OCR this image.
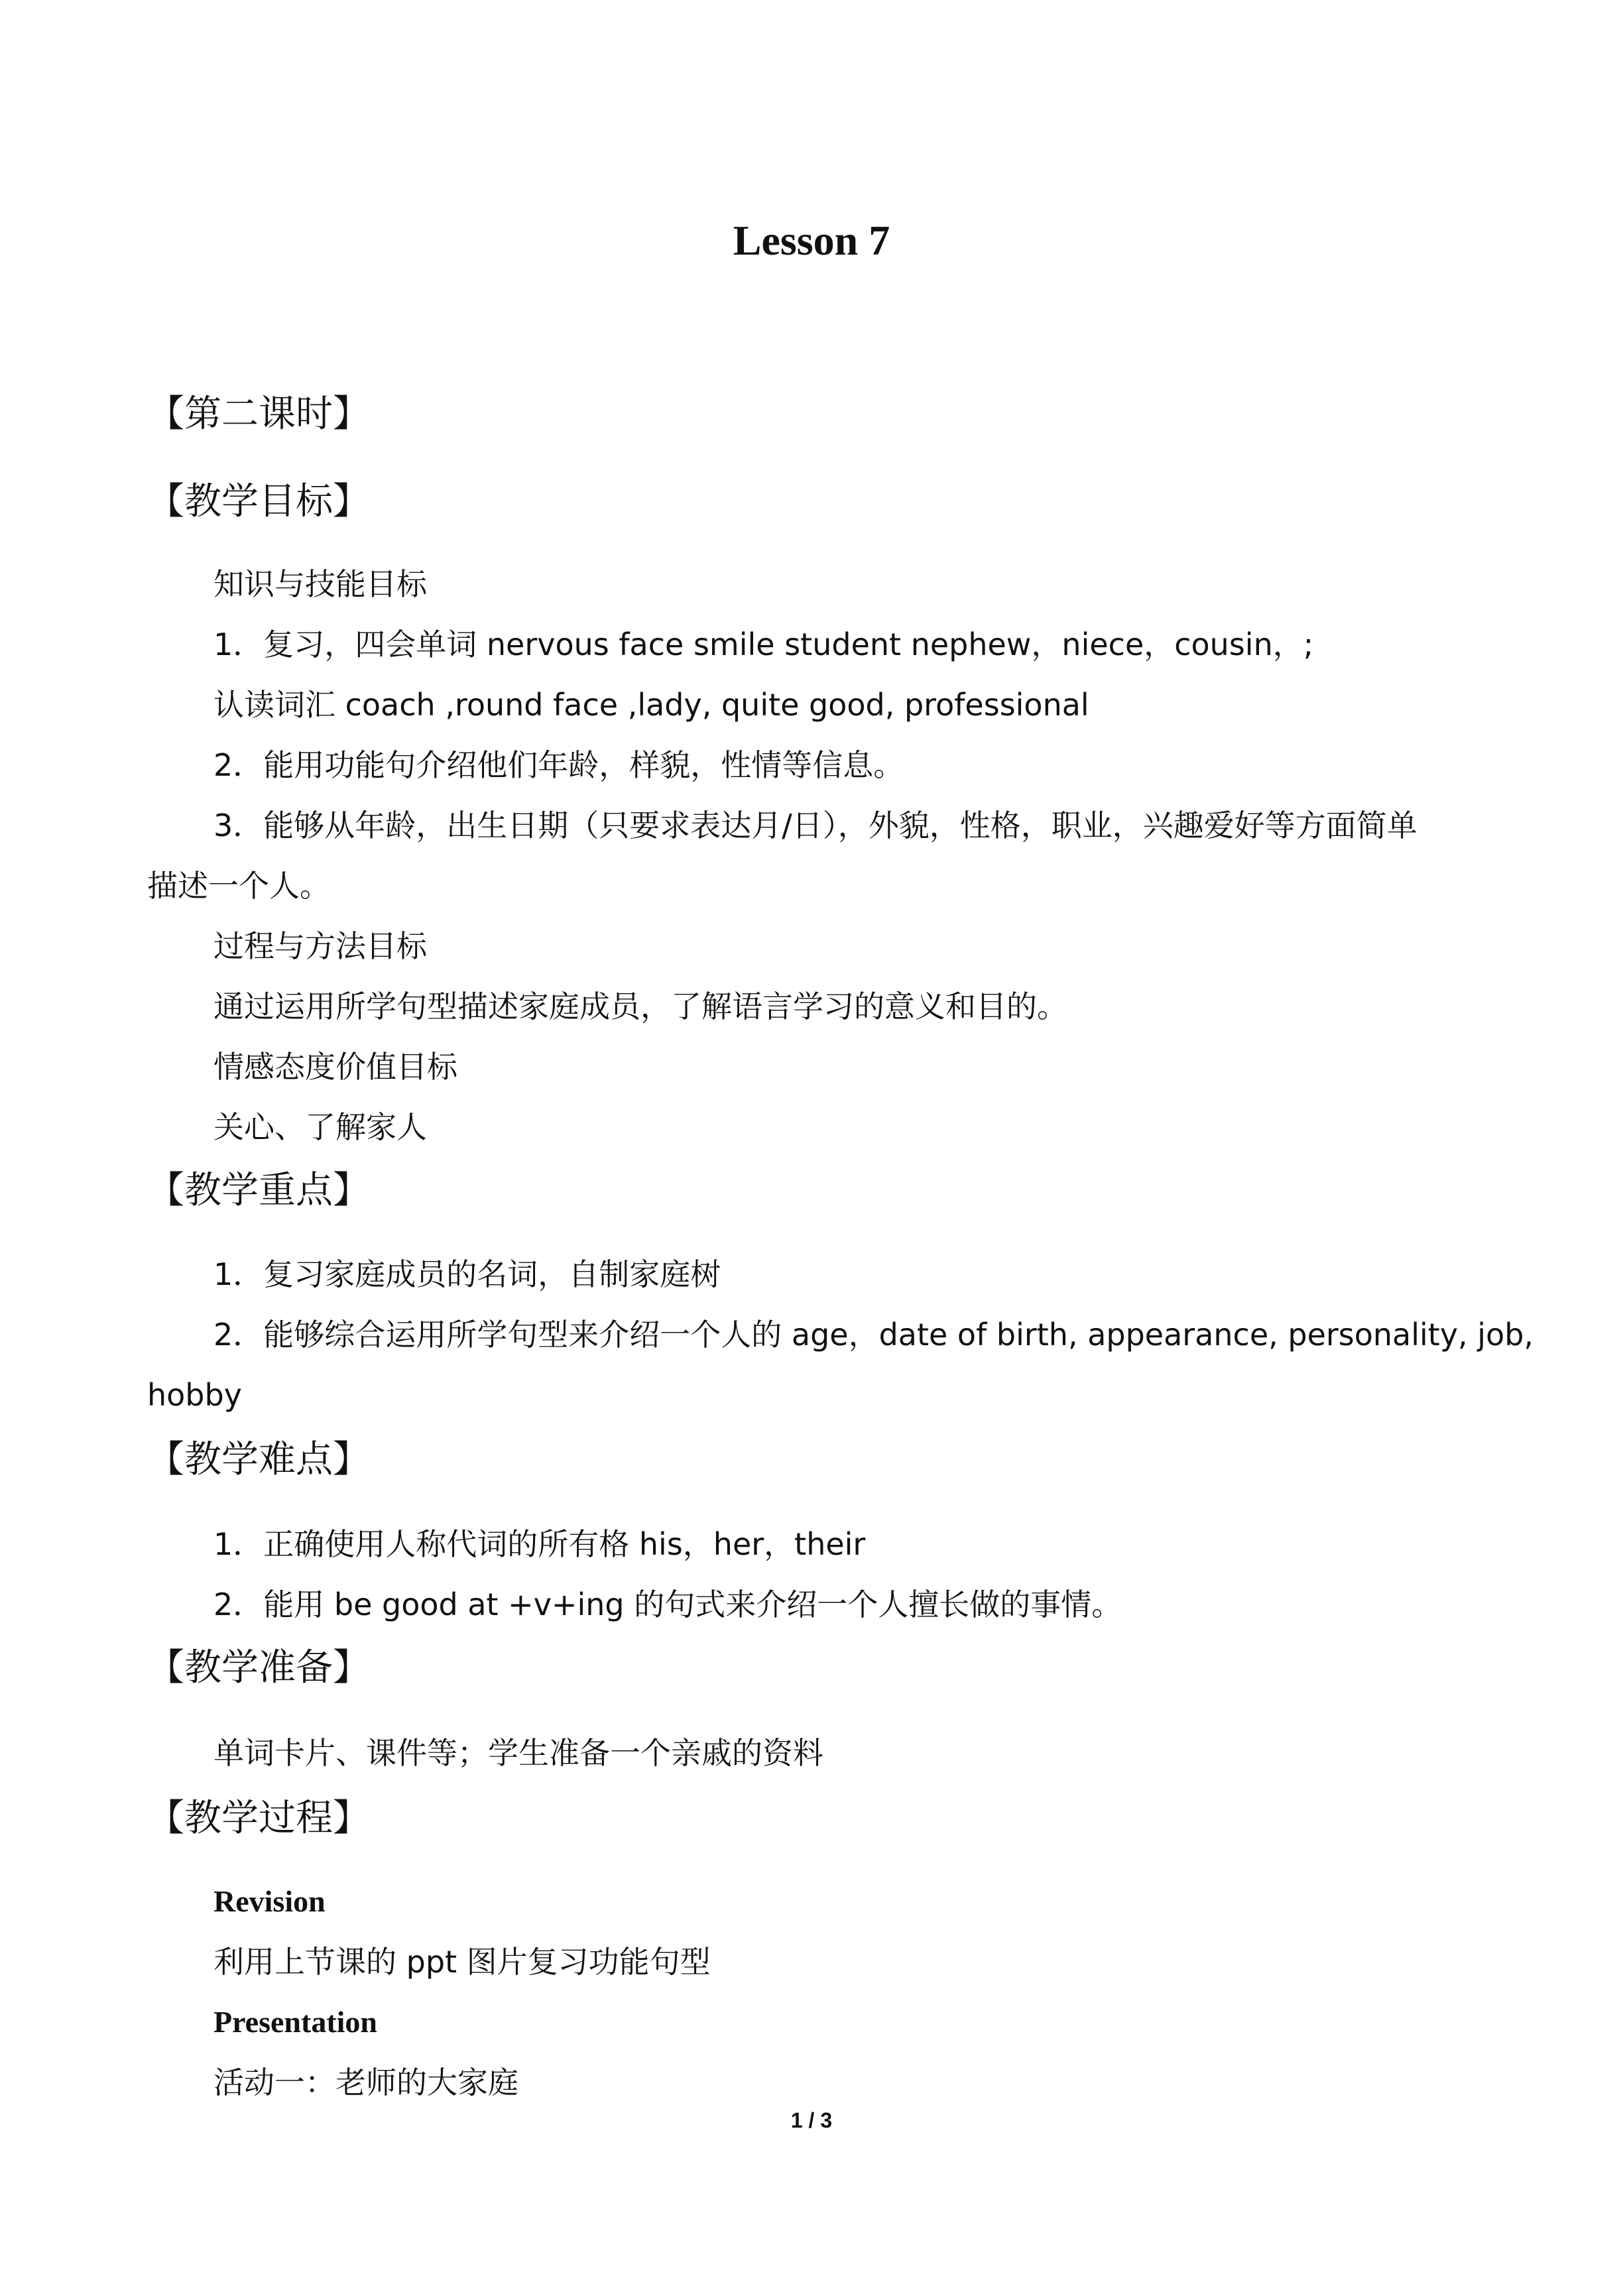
Lesson 7
【第二课时】
【教学目标】
知识与技能目标
1．复习，四会单词 nervous face smile student nephew，niece，cousin，;
认读词汇 coach ,round face ,lady, quite good, professional
2．能用功能句介绍他们年龄，样貌，性情等信息。
3．能够从年龄，出生日期（只要求表达月/日），外貌，性格，职业，兴趣爱好等方面简单
描述一个人。
过程与方法目标
通过运用所学句型描述家庭成员，了解语言学习的意义和目的。
情感态度价值目标
关心、了解家人
【教学重点】
1．复习家庭成员的名词，自制家庭树
2．能够综合运用所学句型来介绍一个人的 age，date of birth, appearance, personality, job,
hobby
【教学难点】
1．正确使用人称代词的所有格 his，her，their
2．能用 be good at +v+ing 的句式来介绍一个人擅长做的事情。
【教学准备】
单词卡片、课件等；学生准备一个亲戚的资料
【教学过程】
Revision
利用上节课的 ppt 图片复习功能句型
Presentation
活动一：老师的大家庭
1 / 3
